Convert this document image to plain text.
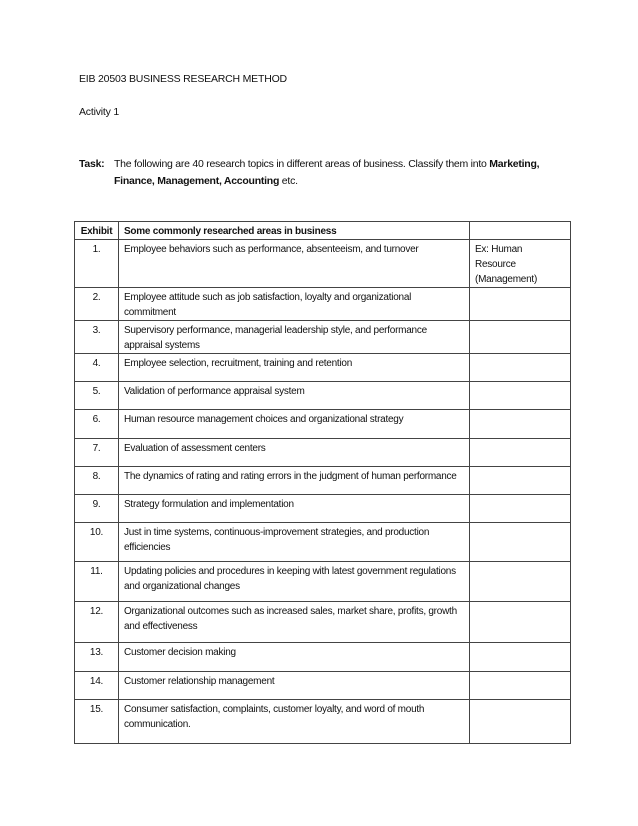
EIB 20503 BUSINESS RESEARCH METHOD
Activity 1
Task: The following are 40 research topics in different areas of business. Classify them into Marketing,
Finance, Management, Accounting etc.
Exhibit	Some commonly researched areas in business	
1.	Employee behaviors such as performance, absenteeism, and turnover	Ex: Human Resource (Management)
2.	Employee attitude such as job satisfaction, loyalty and organizational commitment	
3.	Supervisory performance, managerial leadership style, and performance appraisal systems	
4.	Employee selection, recruitment, training and retention	
5.	Validation of performance appraisal system	
6.	Human resource management choices and organizational strategy	
7.	Evaluation of assessment centers	
8.	The dynamics of rating and rating errors in the judgment of human performance	
9.	Strategy formulation and implementation	
10.	Just in time systems, continuous-improvement strategies, and production efficiencies	
11.	Updating policies and procedures in keeping with latest government regulations and organizational changes	
12.	Organizational outcomes such as increased sales, market share, profits, growth and effectiveness	
13.	Customer decision making	
14.	Customer relationship management	
15.	Consumer satisfaction, complaints, customer loyalty, and word of mouth communication.	
